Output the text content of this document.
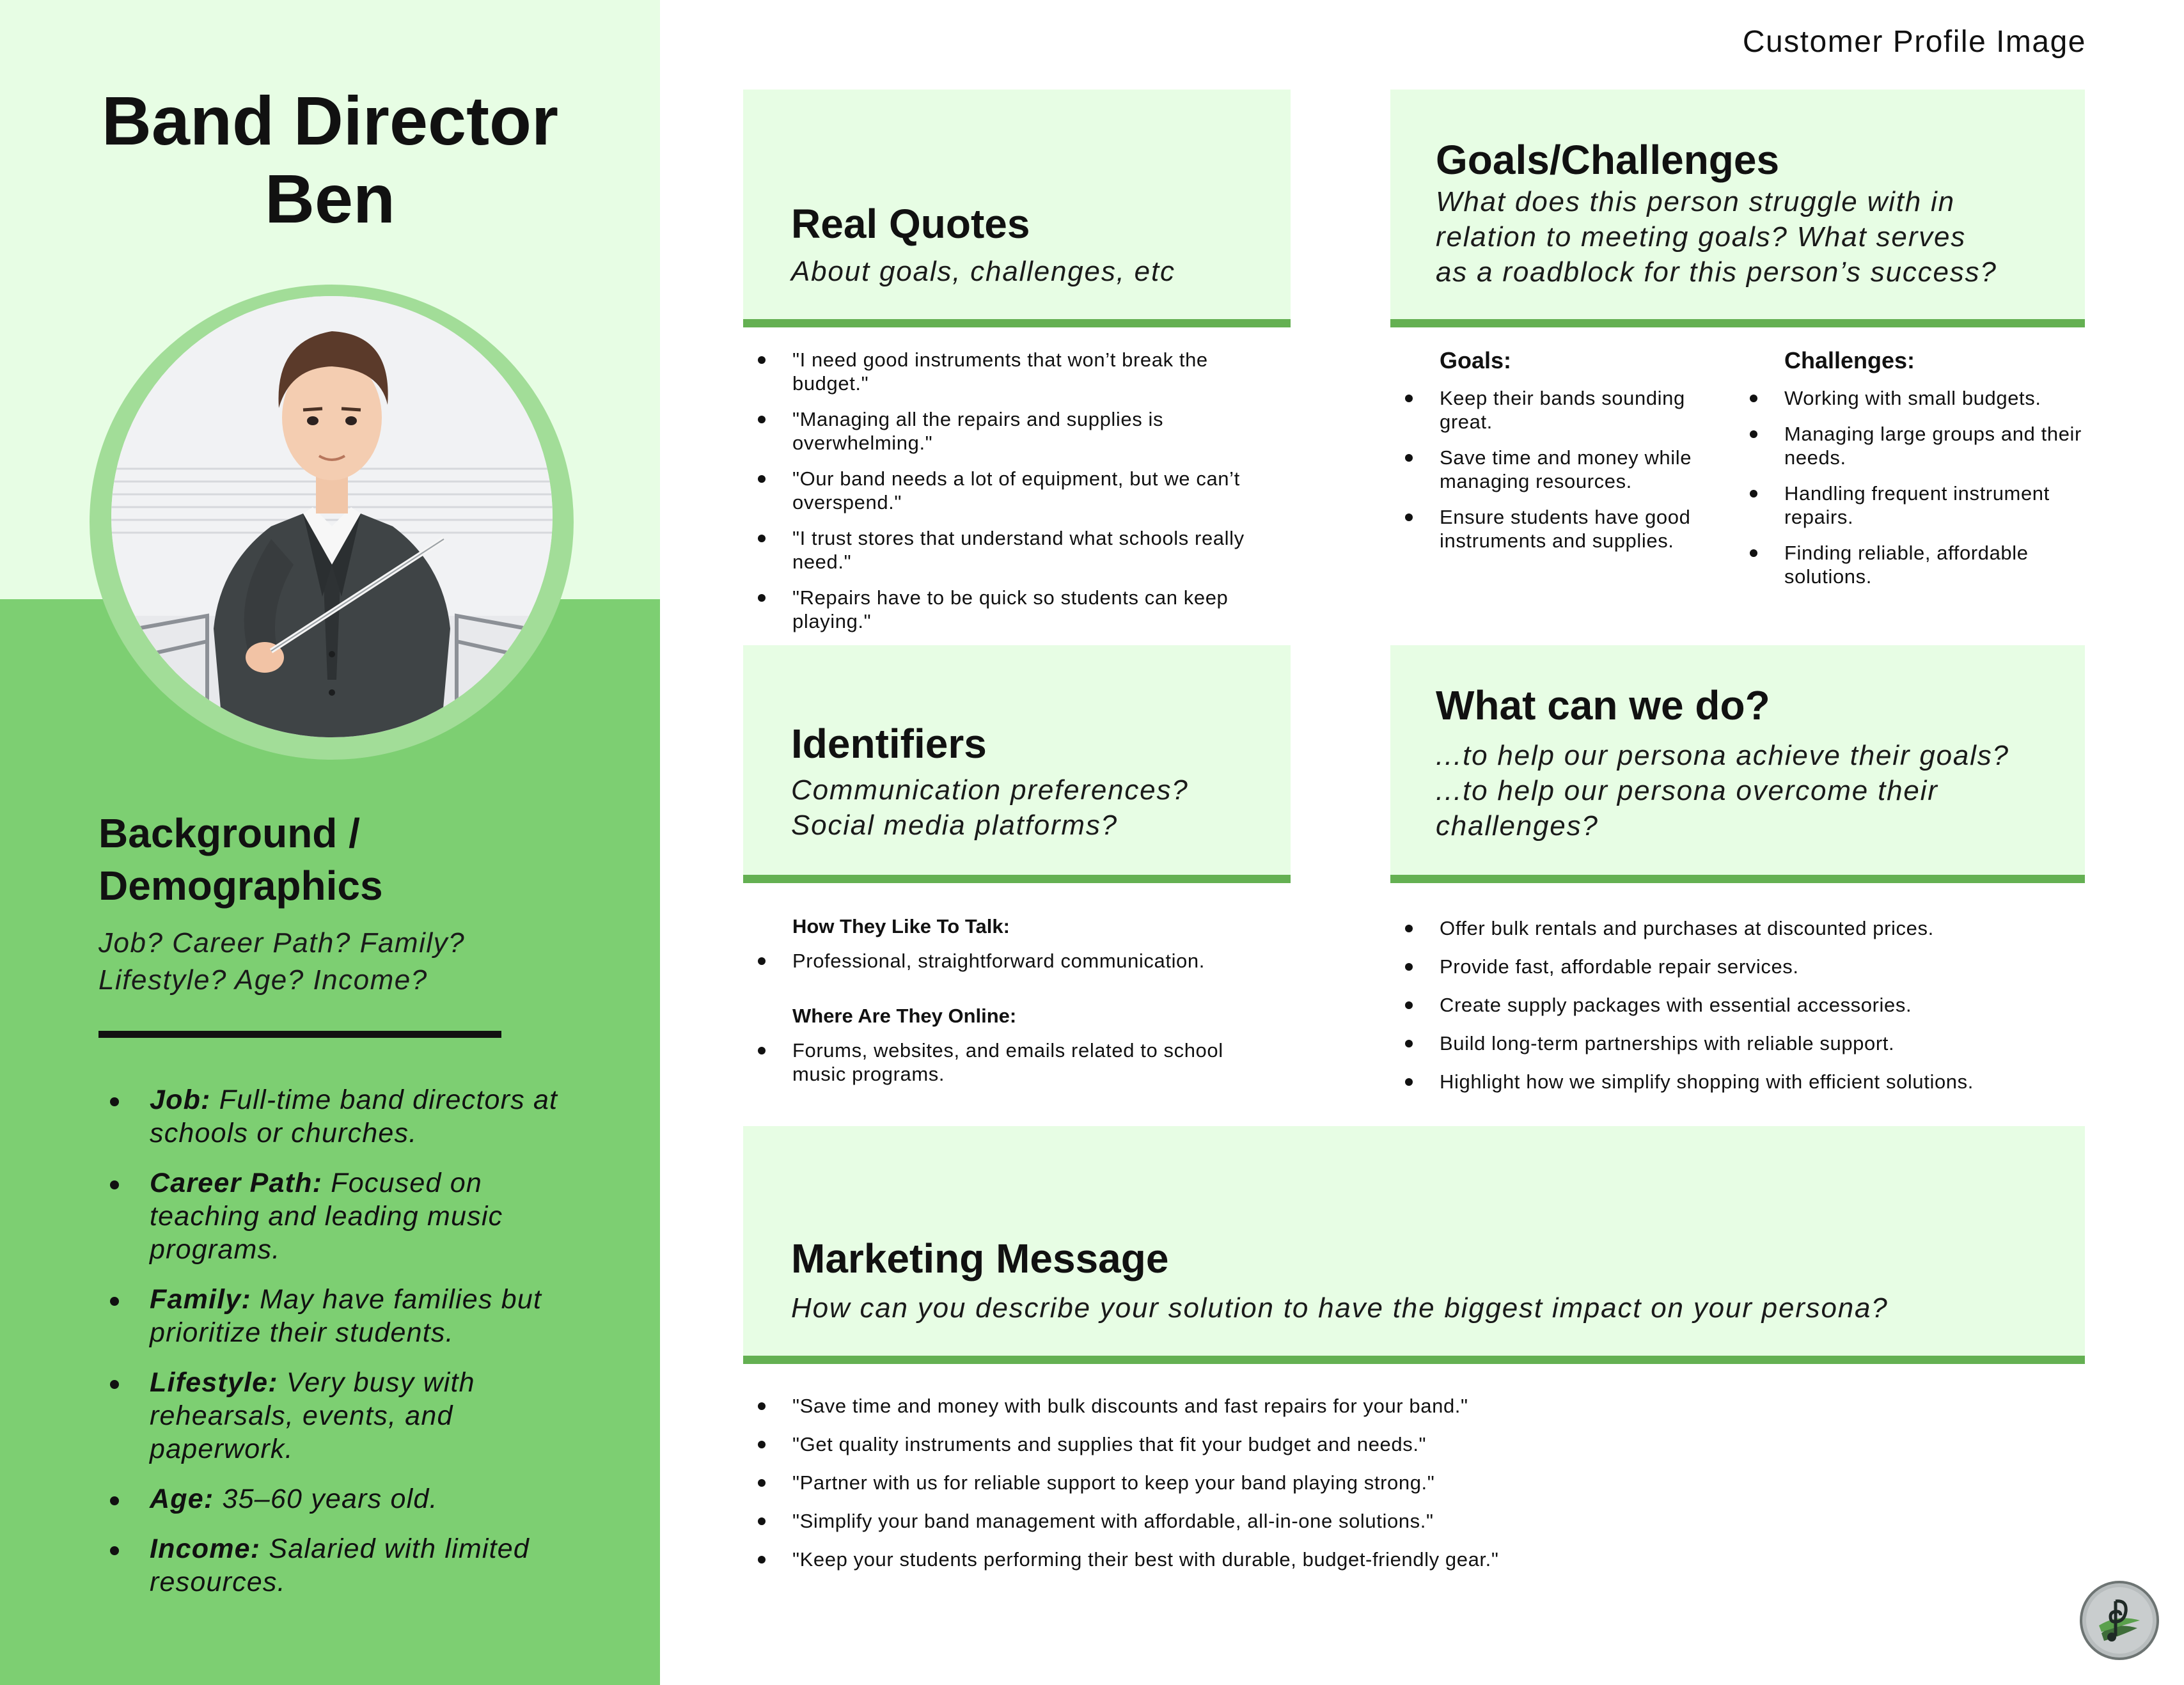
Band Director
Ben
Background /
Demographics
Job? Career Path? Family?
Lifestyle? Age? Income?
Job: Full-time band directors at schools or churches.
Career Path: Focused on teaching and leading music programs.
Family: May have families but prioritize their students.
Lifestyle: Very busy with rehearsals, events, and paperwork.
Age: 35–60 years old.
Income: Salaried with limited resources.
Customer Profile Image
Real Quotes
About goals, challenges, etc
"I need good instruments that won’t break the budget."
"Managing all the repairs and supplies is overwhelming."
"Our band needs a lot of equipment, but we can’t overspend."
"I trust stores that understand what schools really need."
"Repairs have to be quick so students can keep playing."
Goals/Challenges
What does this person struggle with in
relation to meeting goals? What serves
as a roadblock for this person’s success?
Goals:
Keep their bands sounding great.
Save time and money while managing resources.
Ensure students have good instruments and supplies.
Challenges:
Working with small budgets.
Managing large groups and their needs.
Handling frequent instrument repairs.
Finding reliable, affordable solutions.
Identifiers
Communication preferences?
Social media platforms?
How They Like To Talk:
Professional, straightforward communication.
Where Are They Online:
Forums, websites, and emails related to school music programs.
What can we do?
...to help our persona achieve their goals?
...to help our persona overcome their
challenges?
Offer bulk rentals and purchases at discounted prices.
Provide fast, affordable repair services.
Create supply packages with essential accessories.
Build long-term partnerships with reliable support.
Highlight how we simplify shopping with efficient solutions.
Marketing Message
How can you describe your solution to have the biggest impact on your persona?
"Save time and money with bulk discounts and fast repairs for your band."
"Get quality instruments and supplies that fit your budget and needs."
"Partner with us for reliable support to keep your band playing strong."
"Simplify your band management with affordable, all-in-one solutions."
"Keep your students performing their best with durable, budget-friendly gear."
